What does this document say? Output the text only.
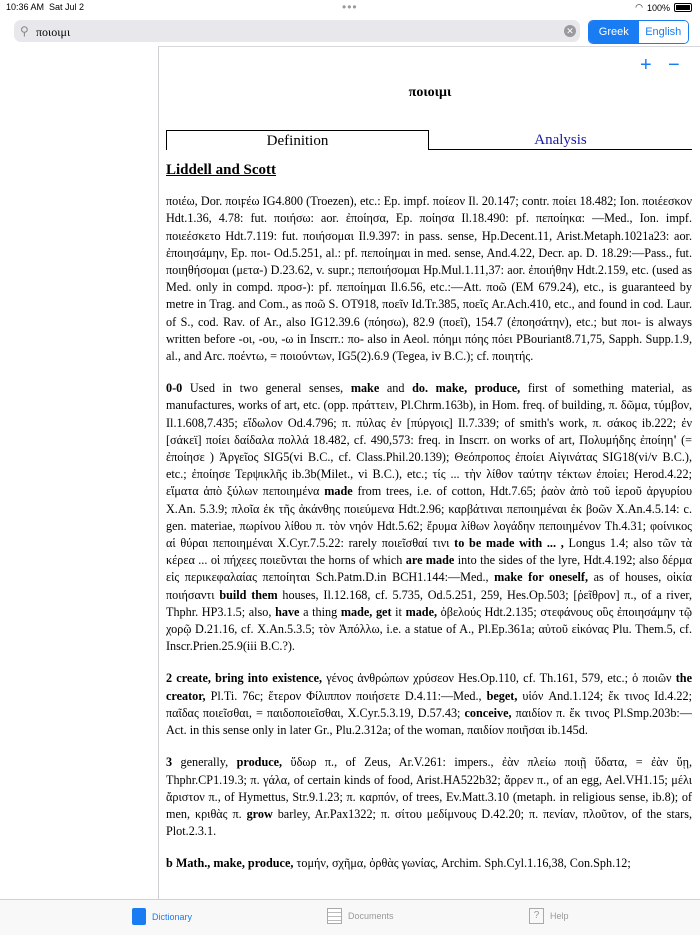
10:36 AM Sat Jul 2	•••	◠ 100%
⚲ ποιοιμι	✕	Greek	English
+ −
ποιοιμι
Definition	Analysis
Liddell and Scott

ποιέω, Dor. ποιϝέω IG4.800 (Troezen), etc.: Ep. impf. ποίεον Il. 20.147; contr. ποίει 18.482; Ion. ποιέεσκον Hdt.1.36, 4.78: fut. ποιήσω: aor. ἐποίησα, Ep. ποίησα Il.18.490: pf. πεποίηκα: —Med., Ion. impf. ποιεέσκετο Hdt.7.119: fut. ποιήσομαι Il.9.397: in pass. sense, Hp.Decent.11, Arist.Metaph.1021a23: aor. ἐποιησάμην, Ep. ποι- Od.5.251, al.: pf. πεποίημαι in med. sense, And.4.22, Decr. ap. D. 18.29:—Pass., fut. ποιηθήσομαι (μετα-) D.23.62, v. supr.; πεποιήσομαι Hp.Mul.1.11,37: aor. ἐποιήθην Hdt.2.159, etc. (used as Med. only in compd. προσ-): pf. πεποίημαι Il.6.56, etc.:—Att. ποῶ (EM 679.24), etc., is guaranteed by metre in Trag. and Com., as ποῶ S. OT918, ποεῖν Id.Tr.385, ποεῖς Ar.Ach.410, etc., and found in cod. Laur. of S., cod. Rav. of Ar., also IG12.39.6 (πόησω), 82.9 (ποεῖ), 154.7 (ἐποησάτην), etc.; but ποι- is always written before -οι, -ου, -ω in Inscrr.: πο- also in Aeol. πόημι πόης πόει PBouriant8.71,75, Sapph. Supp.1.9, al., and Arc. ποέντω, = ποιούντων, IG5(2).6.9 (Tegea, iv B.C.); cf. ποιητής.

0-0 Used in two general senses, make and do. make, produce, first of something material, as manufactures, works of art, etc. (opp. πράττειν, Pl.Chrm.163b), in Hom. freq. of building, π. δῶμα, τύμβον, Il.1.608,7.435; εἴδωλον Od.4.796; π. πύλας ἐν [πύργοις] Il.7.339; of smith's work, π. σάκος ib.222; ἐν [σάκεϊ] ποίει δαίδαλα πολλά 18.482, cf. 490,573: freq. in Inscrr. on works of art, Πολυμήδης ἐποίηη' (= ἐποίησε ) Ἀργεῖος SIG5(vi B.C., cf. Class.Phil.20.139); Θεόπροπος ἐποίει Αἰγινάτας SIG18(vi/v B.C.), etc.; ἐποίησε Τερψικλῆς ib.3b(Milet., vi B.C.), etc.; τίς ... τὴν λίθον ταύτην τέκτων ἐποίει; Herod.4.22; εἵματα ἀπὸ ξύλων πεποιημένα made from trees, i.e. of cotton, Hdt.7.65; ῥαὸν ἀπὸ τοῦ ἱεροῦ ἀργυρίου X.An. 5.3.9; πλοῖα ἐκ τῆς ἀκάνθης ποιεύμενα Hdt.2.96; καρβάτιναι πεποιημέναι ἐκ βοῶν X.An.4.5.14: c. gen. materiae, πωρίνου λίθου π. τὸν νηόν Hdt.5.62; ἔρυμα λίθων λογάδην πεποιημένον Th.4.31; φοίνικος αἱ θύραι πεποιημέναι X.Cyr.7.5.22: rarely ποιεῖσθαί τινι to be made with ... , Longus 1.4; also τῶν τὰ κέρεα ... οἱ πήχεες ποιεῦνται the horns of which are made into the sides of the lyre, Hdt.4.192; also δέρμα εἰς περικεφαλαίας πεποίηται Sch.Patm.D.in BCH1.144:—Med., make for oneself, as of houses, οἰκία ποιήσαντι build them houses, Il.12.168, cf. 5.735, Od.5.251, 259, Hes.Op.503; [ῥεῖθρον] π., of a river, Thphr. HP3.1.5; also, have a thing made, get it made, ὀβελούς Hdt.2.135; στεφάνους οὓς ἐποιησάμην τῷ χορῷ D.21.16, cf. X.An.5.3.5; τὸν Ἀπόλλω, i.e. a statue of A., Pl.Ep.361a; αὐτοῦ εἰκόνας Plu. Them.5, cf. Inscr.Prien.25.9(iii B.C.?).

2 create, bring into existence, γένος ἀνθρώπων χρύσεον Hes.Op.110, cf. Th.161, 579, etc.; ὁ ποιῶν the creator, Pl.Ti. 76c; ἕτερον Φίλιππον ποιήσετε D.4.11:—Med., beget, υἱόν And.1.124; ἔκ τινος Id.4.22; παῖδας ποιεῖσθαι, = παιδοποιεῖσθαι, X.Cyr.5.3.19, D.57.43; conceive, παιδίον π. ἔκ τινος Pl.Smp.203b:—Act. in this sense only in later Gr., Plu.2.312a; of the woman, παιδίον ποιῆσαι ib.145d.

3 generally, produce, ὕδωρ π., of Zeus, Ar.V.261: impers., ἐὰν πλείω ποιῇ ὕδατα, = ἐὰν ὕῃ, Thphr.CP1.19.3; π. γάλα, of certain kinds of food, Arist.HA522b32; ἄρρεν π., of an egg, Ael.VH1.15; μέλι ἄριστον π., of Hymettus, Str.9.1.23; π. καρπόν, of trees, Ev.Matt.3.10 (metaph. in religious sense, ib.8); of men, κριθὰς π. grow barley, Ar.Pax1322; π. σίτου μεδίμνους D.42.20; π. πενίαν, πλοῦτον, of the stars, Plot.2.3.1.

b Math., make, produce, τομήν, σχῆμα, ὀρθὰς γωνίας, Archim. Sph.Cyl.1.16,38, Con.Sph.12;

Dictionary	Documents	?	Help
